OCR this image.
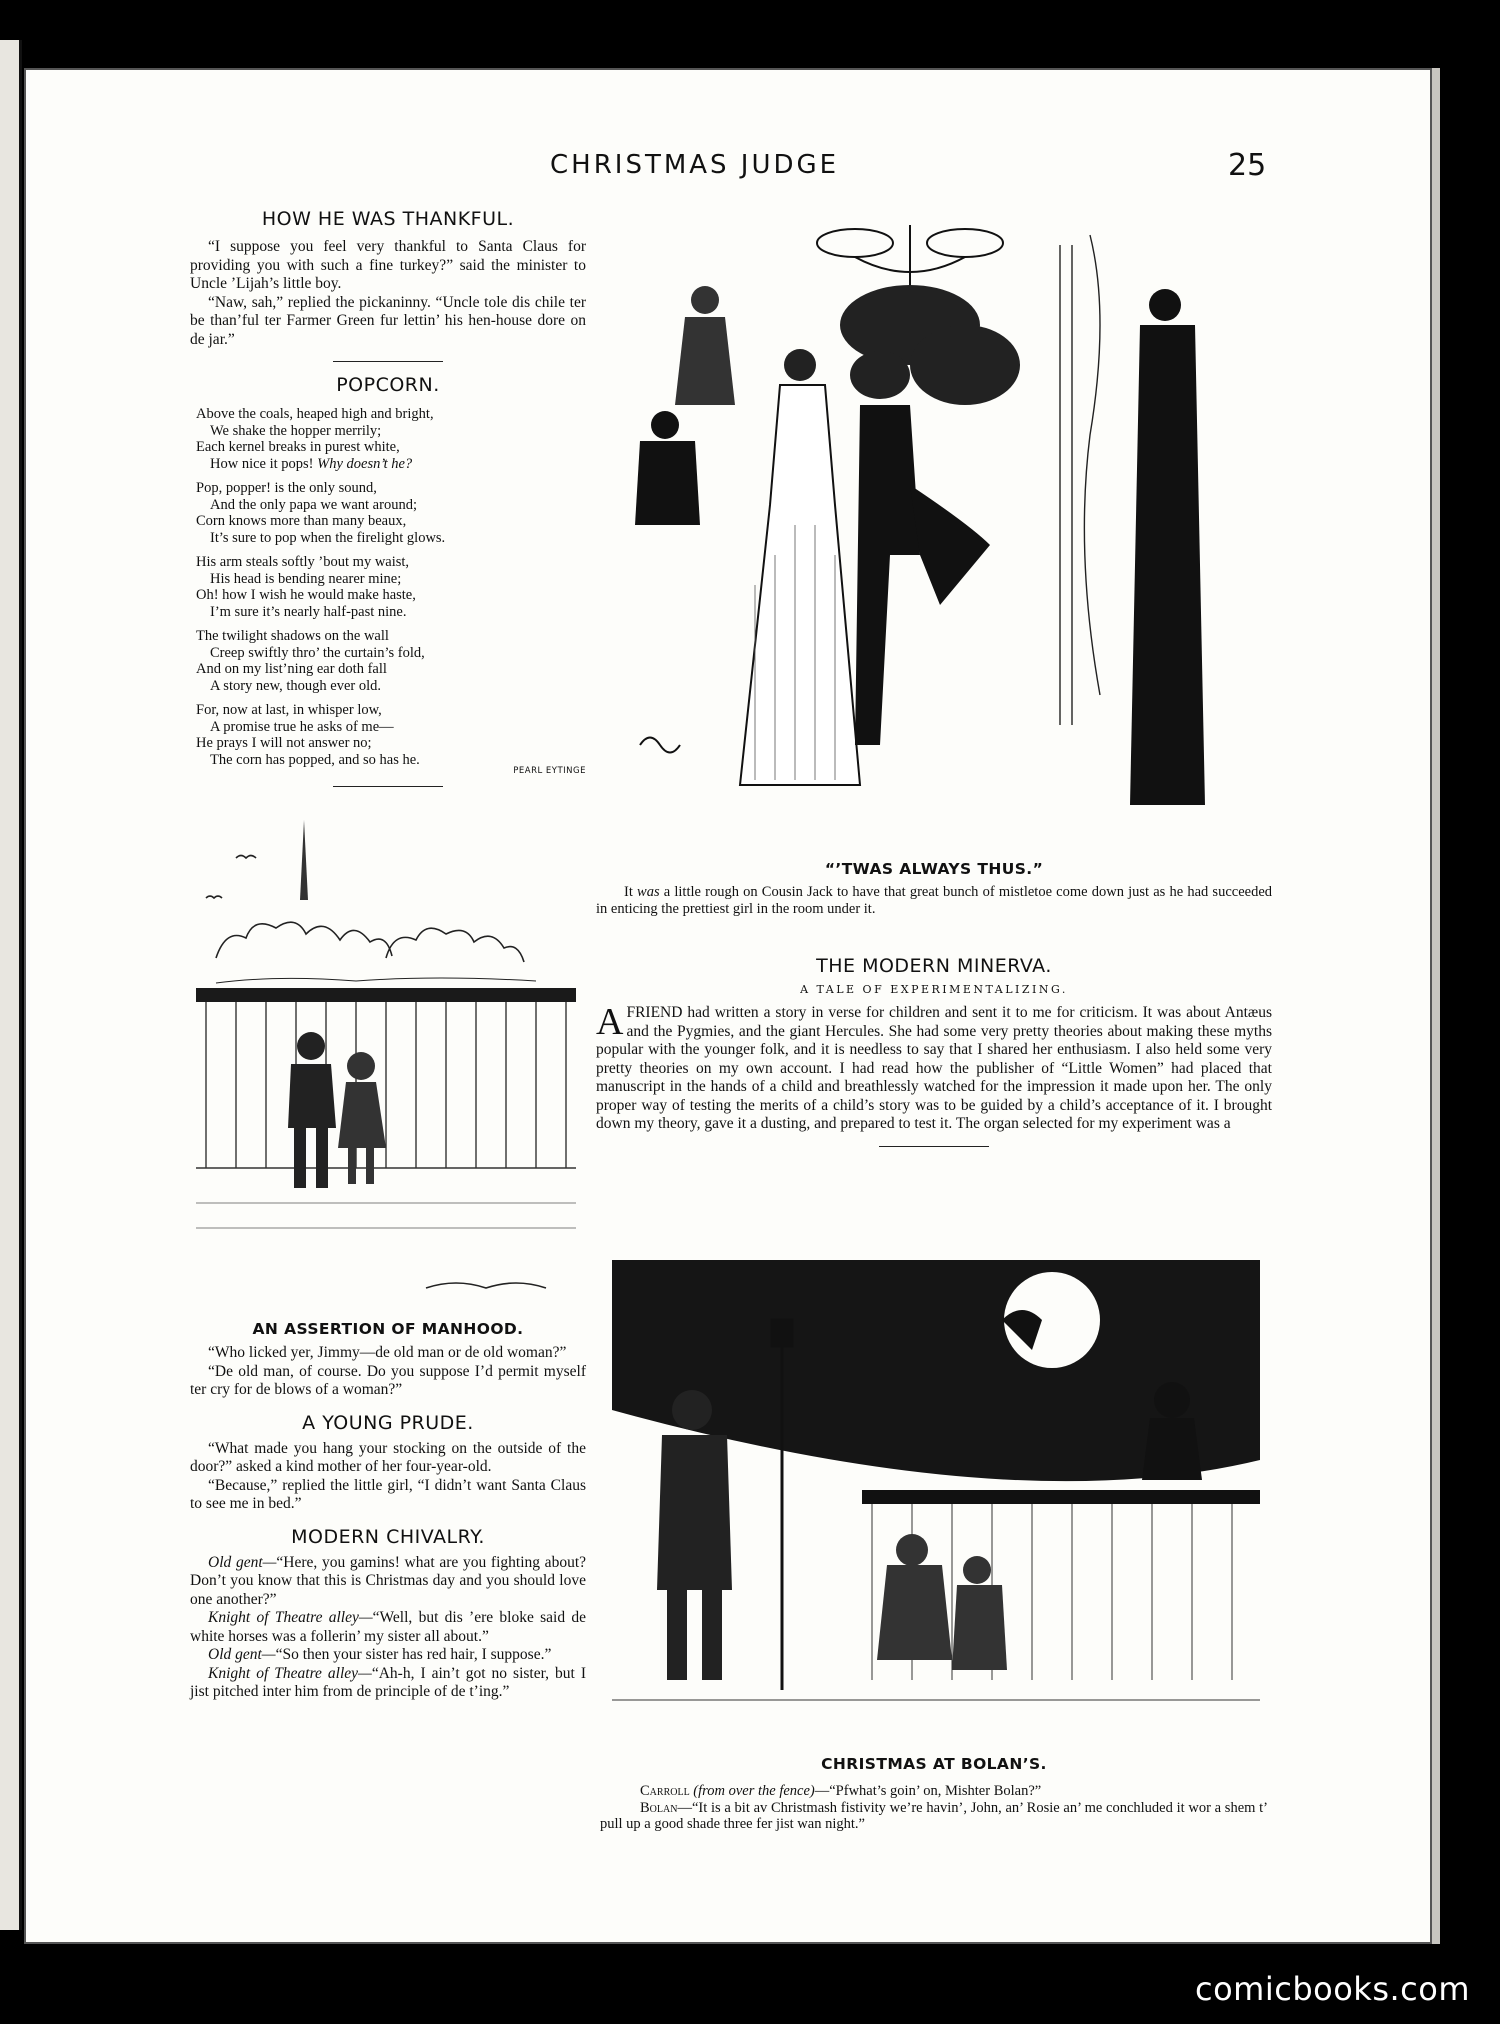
CHRISTMAS JUDGE	25
HOW HE WAS THANKFUL.

“I suppose you feel very thankful to Santa Claus for providing you with such a fine turkey?” said the minister to Uncle ’Lijah’s little boy.

“Naw, sah,” replied the pickaninny. “Uncle tole dis chile ter be than’ful ter Farmer Green fur lettin’ his hen-house dore on de jar.”

POPCORN.
Above the coals, heaped high and bright,
We shake the hopper merrily;
Each kernel breaks in purest white,
How nice it pops! Why doesn’t he?
Pop, popper! is the only sound,
And the only papa we want around;
Corn knows more than many beaux,
It’s sure to pop when the firelight glows.
His arm steals softly ’bout my waist,
His head is bending nearer mine;
Oh! how I wish he would make haste,
I’m sure it’s nearly half-past nine.
The twilight shadows on the wall
Creep swiftly thro’ the curtain’s fold,
And on my list’ning ear doth fall
A story new, though ever old.
For, now at last, in whisper low,
A promise true he asks of me—
He prays I will not answer no;
The corn has popped, and so has he.
PEARL EYTINGE
AN ASSERTION OF MANHOOD.

“Who licked yer, Jimmy—de old man or de old woman?”

“De old man, of course. Do you suppose I’d permit myself ter cry for de blows of a woman?”

A YOUNG PRUDE.

“What made you hang your stocking on the outside of the door?” asked a kind mother of her four-year-old.

“Because,” replied the little girl, “I didn’t want Santa Claus to see me in bed.”

MODERN CHIVALRY.

Old gent—“Here, you gamins! what are you fighting about? Don’t you know that this is Christmas day and you should love one another?”

Knight of Theatre alley—“Well, but dis ’ere bloke said de white horses was a follerin’ my sister all about.”

Old gent—“So then your sister has red hair, I suppose.”

Knight of Theatre alley—“Ah-h, I ain’t got no sister, but I jist pitched inter him from de principle of de t’ing.”

“’TWAS ALWAYS THUS.”

It was a little rough on Cousin Jack to have that great bunch of mistletoe come down just as he had succeeded in enticing the prettiest girl in the room under it.

THE MODERN MINERVA.
A TALE OF EXPERIMENTALIZING.

AFRIEND had written a story in verse for children and sent it to me for criticism. It was about Antæus and the Pygmies, and the giant Hercules. She had some very pretty theories about making these myths popular with the younger folk, and it is needless to say that I shared her enthusiasm. I also held some very pretty theories on my own account. I had read how the publisher of “Little Women” had placed that manuscript in the hands of a child and breathlessly watched for the impression it made upon her. The only proper way of testing the merits of a child’s story was to be guided by a child’s acceptance of it. I brought down my theory, gave it a dusting, and prepared to test it. The organ selected for my experiment was a

CHRISTMAS AT BOLAN’S.

Carroll (from over the fence)—“Pfwhat’s goin’ on, Mishter Bolan?”

Bolan—“It is a bit av Christmash fistivity we’re havin’, John, an’ Rosie an’ me conchluded it wor a shem t’ pull up a good shade three fer jist wan night.”

comicbooks.com
